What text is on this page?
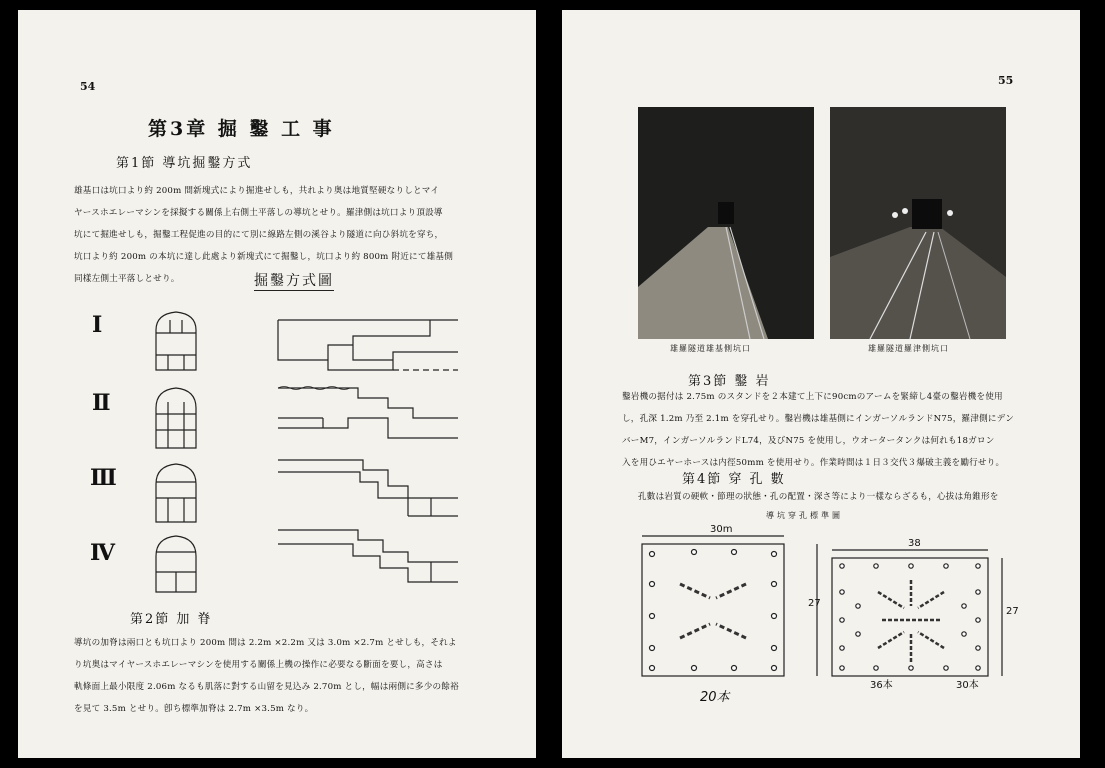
54
第3章 掘 鑿 工 事
第1節 導坑掘鑿方式
雄基口は坑口より約 200m 間新塊式により掘進せしも，共れより奥は地質堅硬なりしとマイ
ヤースホエレーマシンを採擬する關係上右側土平落しの導坑とせり。羅津側は坑口より頂設導
坑にて掘進せしも，掘鑿工程促進の目的にて別に線路左側の溪谷より隧道に向ひ斜坑を穿ち，
坑口より約 200m の本坑に達し此處より新塊式にて掘鑿し，坑口より約 800m 附近にて雄基側
同樣左側土平落しとせり。	掘鑿方式圖
Ⅰ
Ⅱ
Ⅲ
Ⅳ
第2節 加 脊
導坑の加脊は兩口とも坑口より 200m 間は 2.2m ×2.2m 又は 3.0m ×2.7m とせしも，それよ
り坑奥はマイヤースホエレーマシンを使用する關係上機の操作に必要なる斷面を要し，高さは
軌條面上最小限度 2.06m なるも肌落に對する山留を見込み 2.70m とし，幅は兩側に多少の餘裕
を見て 3.5m とせり。卽ち標準加脊は 2.7m ×3.5m なり。
55
雄羅隧道雄基側坑口	雄羅隧道羅津側坑口
第3節 鑿 岩
鑿岩機の据付は 2.75m のスタンドを２本建て上下に90cmのアームを緊締し4臺の鑿岩機を使用
し，孔深 1.2m 乃至 2.1m を穿孔せり。鑿岩機は雄基側にインガーソルランドN75，羅津側にデン
バーM7，インガーソルランドL74，及びN75 を使用し，ウオータータンクは何れも18ガロン
入を用ひエヤーホースは内徑50mm を使用せり。作業時間は１日３交代３爆破主義を勵行せり。
第4節 穿 孔 數
孔數は岩質の硬軟・節理の狀態・孔の配置・深さ等により一樣ならざるも，心拔は角錐形を
導坑穿孔標準圖
30m
27
38
27
20本
36本	30本
